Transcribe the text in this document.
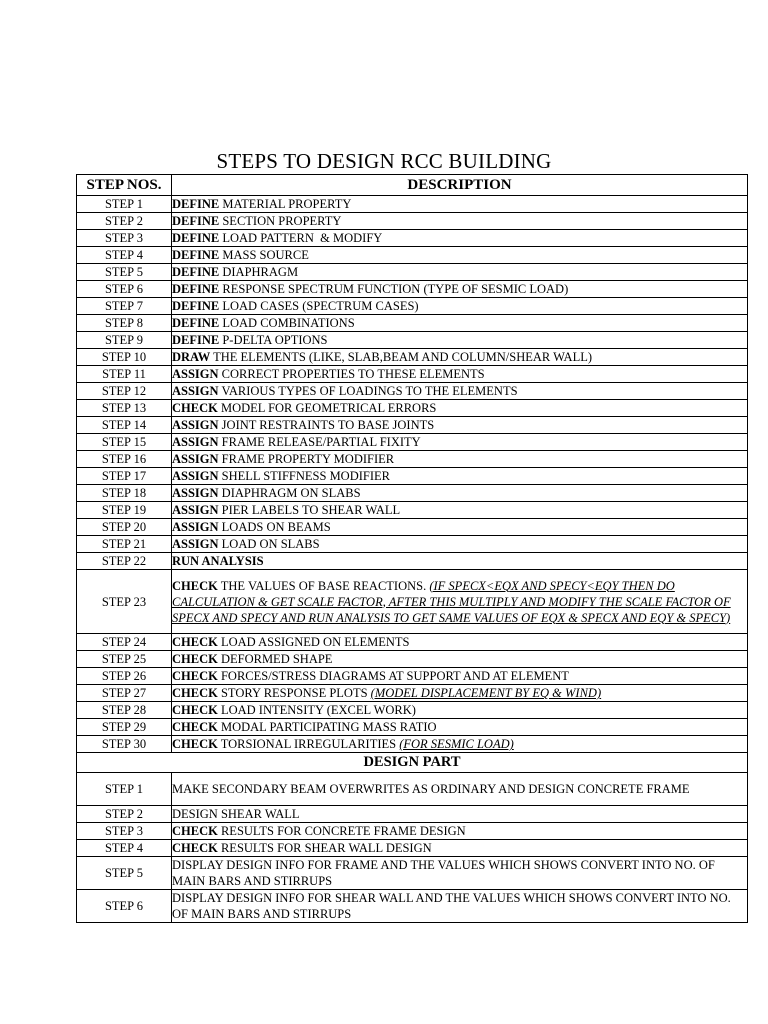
STEPS TO DESIGN RCC BUILDING
STEP NOS.	DESCRIPTION
STEP 1	DEFINE MATERIAL PROPERTY
STEP 2	DEFINE SECTION PROPERTY
STEP 3	DEFINE LOAD PATTERN  & MODIFY
STEP 4	DEFINE MASS SOURCE
STEP 5	DEFINE DIAPHRAGM
STEP 6	DEFINE RESPONSE SPECTRUM FUNCTION (TYPE OF SESMIC LOAD)
STEP 7	DEFINE LOAD CASES (SPECTRUM CASES)
STEP 8	DEFINE LOAD COMBINATIONS
STEP 9	DEFINE P-DELTA OPTIONS
STEP 10	DRAW THE ELEMENTS (LIKE, SLAB,BEAM AND COLUMN/SHEAR WALL)
STEP 11	ASSIGN CORRECT PROPERTIES TO THESE ELEMENTS
STEP 12	ASSIGN VARIOUS TYPES OF LOADINGS TO THE ELEMENTS
STEP 13	CHECK MODEL FOR GEOMETRICAL ERRORS
STEP 14	ASSIGN JOINT RESTRAINTS TO BASE JOINTS
STEP 15	ASSIGN FRAME RELEASE/PARTIAL FIXITY
STEP 16	ASSIGN FRAME PROPERTY MODIFIER
STEP 17	ASSIGN SHELL STIFFNESS MODIFIER
STEP 18	ASSIGN DIAPHRAGM ON SLABS
STEP 19	ASSIGN PIER LABELS TO SHEAR WALL
STEP 20	ASSIGN LOADS ON BEAMS
STEP 21	ASSIGN LOAD ON SLABS
STEP 22	RUN ANALYSIS
STEP 23	CHECK THE VALUES OF BASE REACTIONS. (IF SPECX<EQX AND SPECY<EQY THEN DO CALCULATION & GET SCALE FACTOR, AFTER THIS MULTIPLY AND MODIFY THE SCALE FACTOR OF SPECX AND SPECY AND RUN ANALYSIS TO GET SAME VALUES OF EQX & SPECX AND EQY & SPECY)
STEP 24	CHECK LOAD ASSIGNED ON ELEMENTS
STEP 25	CHECK DEFORMED SHAPE
STEP 26	CHECK FORCES/STRESS DIAGRAMS AT SUPPORT AND AT ELEMENT
STEP 27	CHECK STORY RESPONSE PLOTS (MODEL DISPLACEMENT BY EQ & WIND)
STEP 28	CHECK LOAD INTENSITY (EXCEL WORK)
STEP 29	CHECK MODAL PARTICIPATING MASS RATIO
STEP 30	CHECK TORSIONAL IRREGULARITIES (FOR SESMIC LOAD)
DESIGN PART	
STEP 1	MAKE SECONDARY BEAM OVERWRITES AS ORDINARY AND DESIGN CONCRETE FRAME
STEP 2	DESIGN SHEAR WALL
STEP 3	CHECK RESULTS FOR CONCRETE FRAME DESIGN
STEP 4	CHECK RESULTS FOR SHEAR WALL DESIGN
STEP 5	DISPLAY DESIGN INFO FOR FRAME AND THE VALUES WHICH SHOWS CONVERT INTO NO. OF MAIN BARS AND STIRRUPS
STEP 6	DISPLAY DESIGN INFO FOR SHEAR WALL AND THE VALUES WHICH SHOWS CONVERT INTO NO. OF MAIN BARS AND STIRRUPS
